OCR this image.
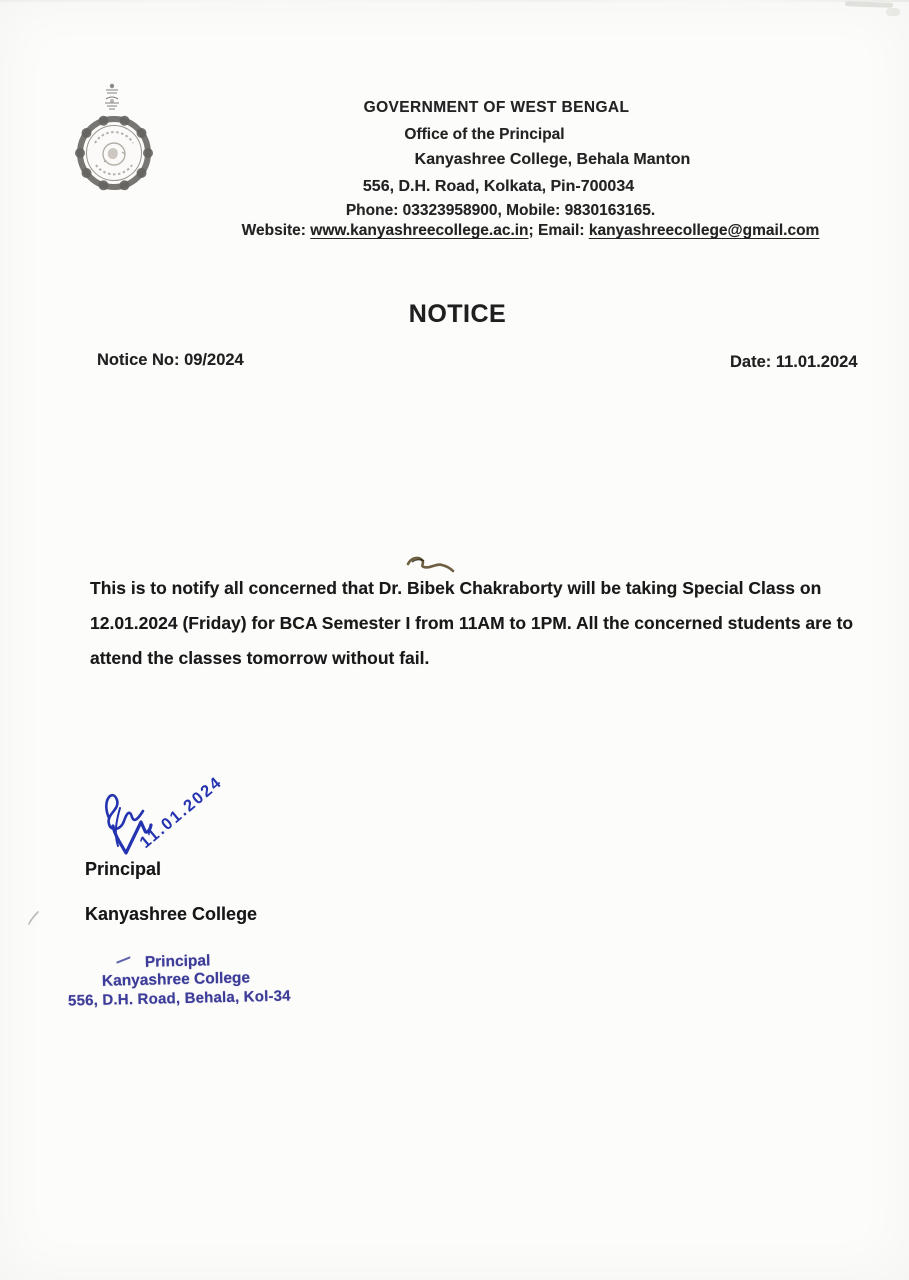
GOVERNMENT OF WEST BENGAL
Office of the Principal
Kanyashree College, Behala Manton
556, D.H. Road, Kolkata, Pin-700034
Phone: 03323958900, Mobile: 9830163165.
Website: www.kanyashreecollege.ac.in; Email: kanyashreecollege@gmail.com
NOTICE
Notice No: 09/2024	Date: 11.01.2024
This is to notify all concerned that Dr. Bibek Chakraborty will be taking Special Class on
12.01.2024 (Friday) for BCA Semester I from 11AM to 1PM. All the concerned students are to
attend the classes tomorrow without fail.
11.01.2024
Principal
Kanyashree College
Principal
Kanyashree College
556, D.H. Road, Behala, Kol-34
